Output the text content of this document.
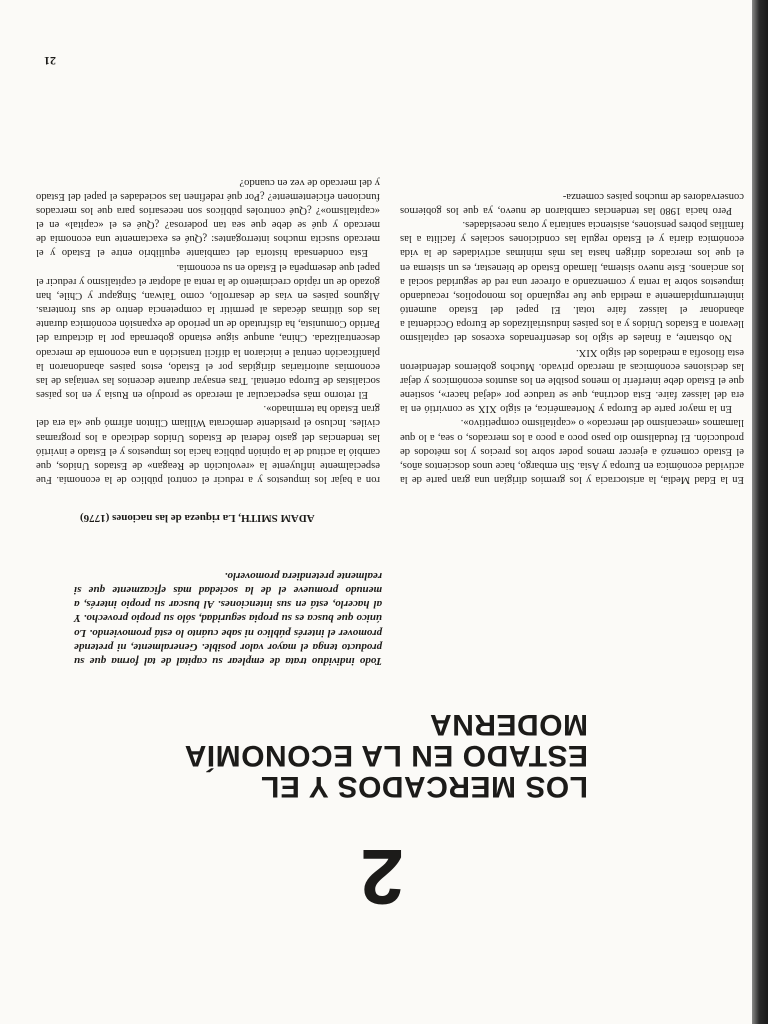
2
LOS MERCADOS Y EL ESTADO EN LA ECONOMÍA MODERNA

Todo individuo trata de emplear su capital de tal forma que su producto tenga el mayor valor posible. Generalmente, ni pretende promover el interés público ni sabe cuánto lo está promoviendo. Lo único que busca es su propia seguridad, sólo su propio provecho. Y al hacerlo, está en sus intenciones. Al buscar su propio interés, a menudo promueve el de la sociedad más eficazmente que si realmente pretendiera promoverlo.

ADAM SMITH, La riqueza de las naciones (1776)

En la Edad Media, la aristocracia y los gremios dirigían una gran parte de la actividad económica en Europa y Asia. Sin embargo, hace unos doscientos años, el Estado comenzó a ejercer menos poder sobre los precios y los métodos de producción. El feudalismo dio paso poco a poco a los mercados, o sea, a lo que llamamos «mecanismo del mercado» o «capitalismo competitivo».

En la mayor parte de Europa y Norteamérica, el siglo XIX se convirtió en la era del laissez faire. Esta doctrina, que se traduce por «dejad hacer», sostiene que el Estado debe interferir lo menos posible en los asuntos económicos y dejar las decisiones económicas al mercado privado. Muchos gobiernos defendieron esta filosofía a mediados del siglo XIX.

No obstante, a finales de siglo los desenfrenados excesos del capitalismo llevaron a Estados Unidos y a los países industrializados de Europa Occidental a abandonar el laissez faire total. El papel del Estado aumentó ininterrumpidamente a medida que fue regulando los monopolios, recaudando impuestos sobre la renta y comenzando a ofrecer una red de seguridad social a los ancianos. Este nuevo sistema, llamado Estado de bienestar, es un sistema en el que los mercados dirigen hasta las más mínimas actividades de la vida económica diaria y el Estado regula las condiciones sociales y facilita a las familias pobres pensiones, asistencia sanitaria y otras necesidades.

Pero hacia 1980 las tendencias cambiaron de nuevo, ya que los gobiernos conservadores de muchos países comenza-

ron a bajar los impuestos y a reducir el control público de la economía. Fue especialmente influyente la «revolución de Reagan» de Estados Unidos, que cambió la actitud de la opinión pública hacia los impuestos y el Estado e invirtió las tendencias del gasto federal de Estados Unidos dedicado a los programas civiles. Incluso el presidente demócrata William Clinton afirmó que «la era del gran Estado ha terminado».

El retorno más espectacular al mercado se produjo en Rusia y en los países socialistas de Europa oriental. Tras ensayar durante decenios las ventajas de las economías autoritarias dirigidas por el Estado, estos países abandonaron la planificación central e iniciaron la difícil transición a una economía de mercado descentralizada. China, aunque sigue estando gobernada por la dictadura del Partido Comunista, ha disfrutado de un período de expansión económica durante las dos últimas décadas al permitir la competencia dentro de sus fronteras. Algunos países en vías de desarrollo, como Taiwan, Singapur y Chile, han gozado de un rápido crecimiento de la renta al adoptar el capitalismo y reducir el papel que desempeña el Estado en su economía.

Esta condensada historia del cambiante equilibrio entre el Estado y el mercado suscita muchos interrogantes: ¿Qué es exactamente una economía de mercado y qué se debe que sea tan poderosa? ¿Qué es el «capital» en el «capitalismo»? ¿Qué controles públicos son necesarios para que los mercados funcionen eficientemente? ¿Por qué redefinen las sociedades el papel del Estado y del mercado de vez en cuando?

21
